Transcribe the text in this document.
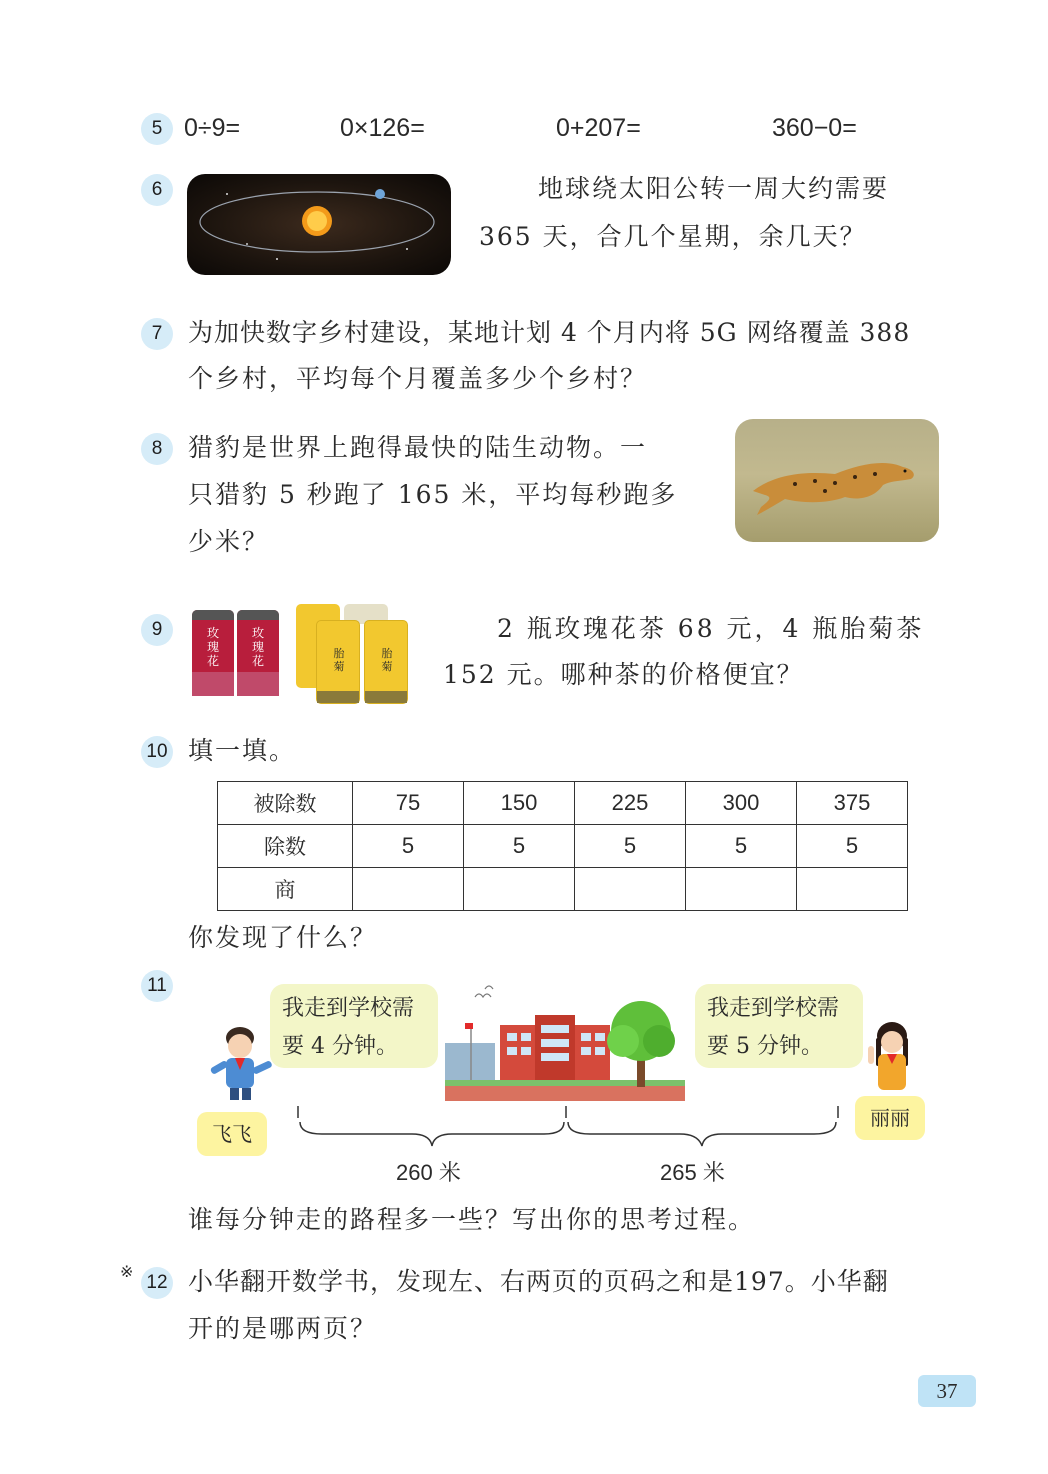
5 0÷9=	0×126=	0+207=	360−0=
6	地球绕太阳公转一周大约需要
365 天，合几个星期，余几天？
7	为加快数字乡村建设，某地计划 4 个月内将 5G 网络覆盖 388
个乡村，平均每个月覆盖多少个乡村？
8	猎豹是世界上跑得最快的陆生动物。一
只猎豹 5 秒跑了 165 米，平均每秒跑多
少米？
9	玫瑰花
玫瑰花
胎菊
胎菊
2 瓶玫瑰花茶 68 元，4 瓶胎菊茶
152 元。哪种茶的价格便宜？
10 填一填。
被除数	75	150	225	300	375
除数	5	5	5	5	5
商					
你发现了什么？
11
我走到学校需
要 4 分钟。
我走到学校需
要 5 分钟。
飞飞
丽丽
260 米	265 米
谁每分钟走的路程多一些？写出你的思考过程。
※
12 小华翻开数学书，发现左、右两页的页码之和是197。小华翻
开的是哪两页？
37
